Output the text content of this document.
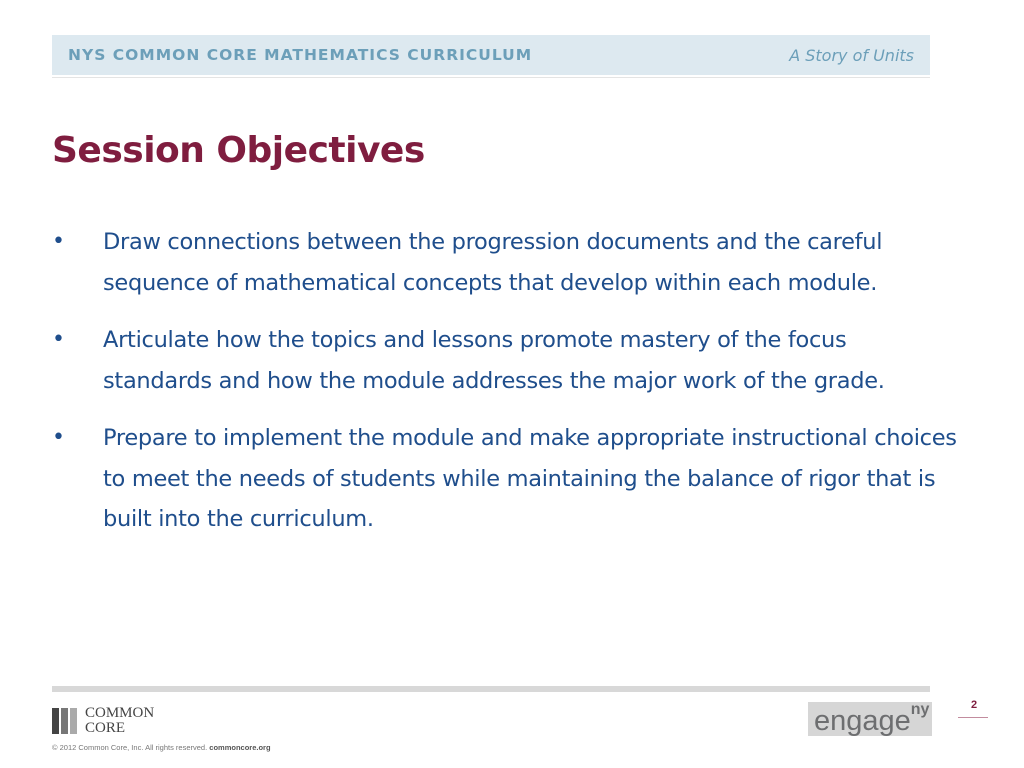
NYS COMMON CORE MATHEMATICS CURRICULUM	A Story of Units
Session Objectives
•	Draw connections between the progression documents and the careful sequence of mathematical concepts that develop within each module.
•	Articulate how the topics and lessons promote mastery of the focus standards and how the module addresses the major work of the grade.
•	Prepare to implement the module and make appropriate instructional choices to meet the needs of students while maintaining the balance of rigor that is built into the curriculum.
COMMON
CORE
© 2012 Common Core, Inc. All rights reserved. commoncore.org
engage ny	2
